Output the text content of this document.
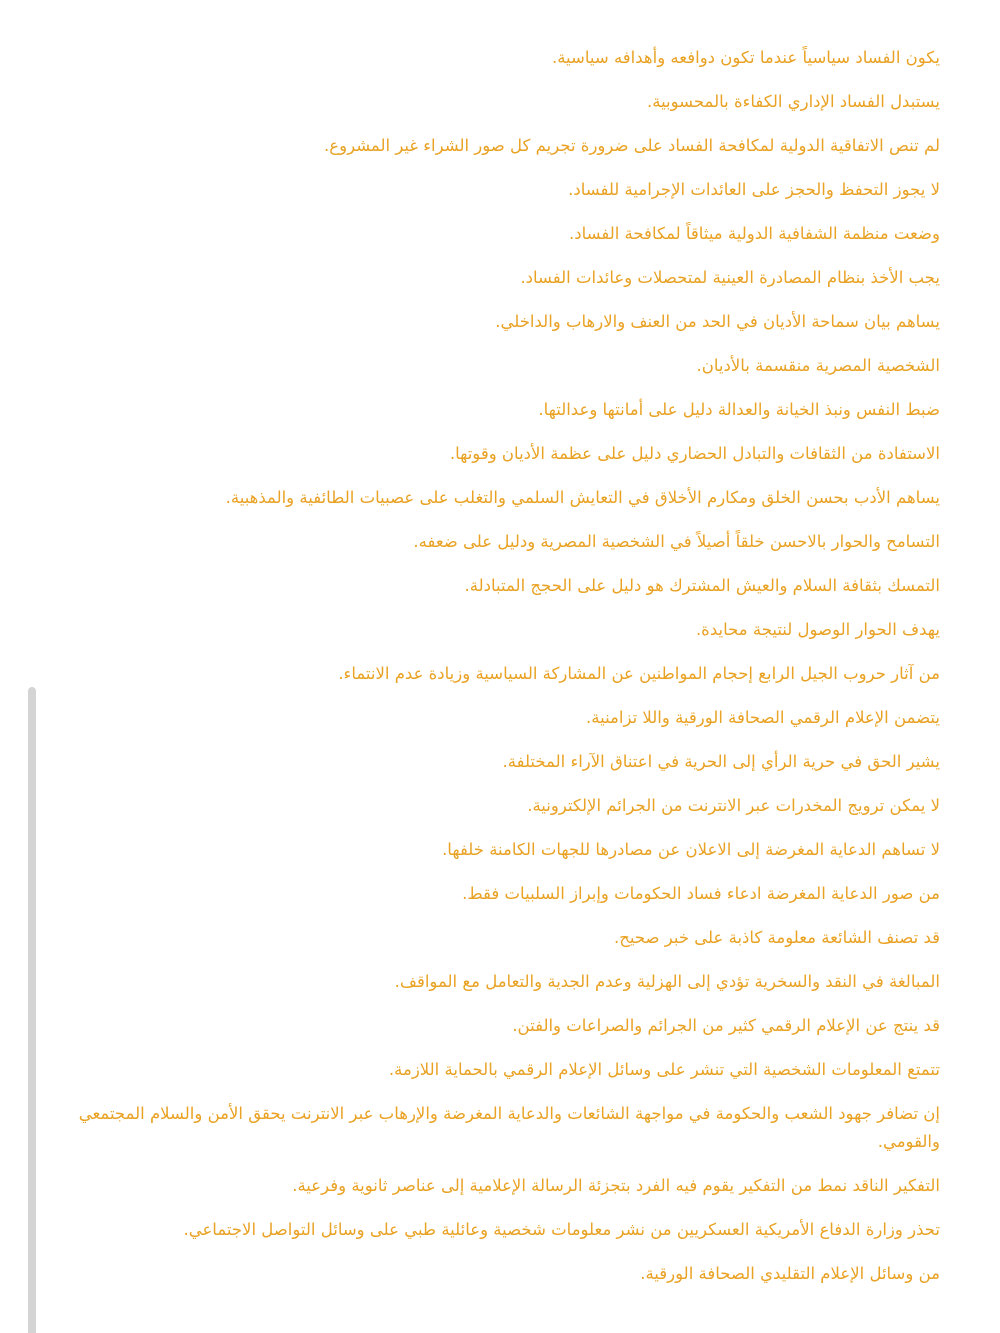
يكون الفساد سياسياً عندما تكون دوافعه وأهدافه سياسية.

يستبدل الفساد الإداري الكفاءة بالمحسوبية.

لم تنص الاتفاقية الدولية لمكافحة الفساد على ضرورة تجريم كل صور الشراء غير المشروع.

لا يجوز التحفظ والحجز على العائدات الإجرامية للفساد.

وضعت منظمة الشفافية الدولية ميثاقاً لمكافحة الفساد.

يجب الأخذ بنظام المصادرة العينية لمتحصلات وعائدات الفساد.

يساهم بيان سماحة الأديان في الحد من العنف والارهاب والداخلي.

الشخصية المصرية منقسمة بالأديان.

ضبط النفس ونبذ الخيانة والعدالة دليل على أمانتها وعدالتها.

الاستفادة من الثقافات والتبادل الحضاري دليل على عظمة الأديان وقوتها.

يساهم الأدب بحسن الخلق ومكارم الأخلاق في التعايش السلمي والتغلب على عصبيات الطائفية والمذهبية.

التسامح والحوار بالاحسن خلقاً أصيلاً في الشخصية المصرية ودليل على ضعفه.

التمسك بثقافة السلام والعيش المشترك هو دليل على الحجج المتبادلة.

يهدف الحوار الوصول لنتيجة محايدة.

من آثار حروب الجيل الرابع إحجام المواطنين عن المشاركة السياسية وزيادة عدم الانتماء.

يتضمن الإعلام الرقمي الصحافة الورقية واللا تزامنية.

يشير الحق في حرية الرأي إلى الحرية في اعتناق الآراء المختلفة.

لا يمكن ترويج المخدرات عبر الانترنت من الجرائم الإلكترونية.

لا تساهم الدعاية المغرضة إلى الاعلان عن مصادرها للجهات الكامنة خلفها.

من صور الدعاية المغرضة ادعاء فساد الحكومات وإبراز السلبيات فقط.

قد تصنف الشائعة معلومة كاذبة على خبر صحيح.

المبالغة في النقد والسخرية تؤدي إلى الهزلية وعدم الجدية والتعامل مع المواقف.

قد ينتج عن الإعلام الرقمي كثير من الجرائم والصراعات والفتن.

تتمتع المعلومات الشخصية التي تنشر على وسائل الإعلام الرقمي بالحماية اللازمة.

إن تضافر جهود الشعب والحكومة في مواجهة الشائعات والدعاية المغرضة والإرهاب عبر الانترنت يحقق الأمن والسلام المجتمعي والقومي.

التفكير الناقد نمط من التفكير يقوم فيه الفرد بتجزئة الرسالة الإعلامية إلى عناصر ثانوية وفرعية.

تحذر وزارة الدفاع الأمريكية العسكريين من نشر معلومات شخصية وعائلية طبي على وسائل التواصل الاجتماعي.

من وسائل الإعلام التقليدي الصحافة الورقية.
